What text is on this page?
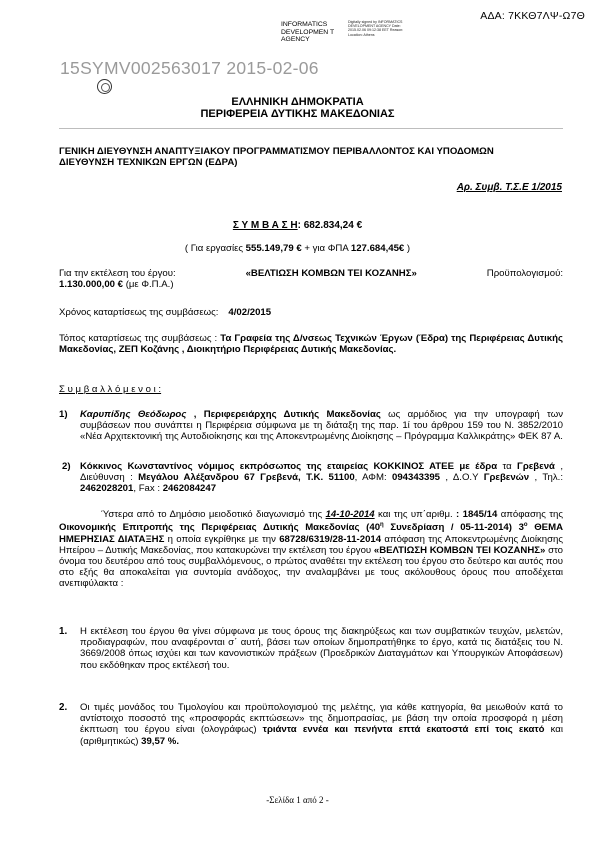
ΑΔΑ: 7ΚΚΘ7ΛΨ-Ω7Θ
INFORMATICS DEVELOPMEN T AGENCY
Digitally signed by INFORMATICS DEVELOPMENT AGENCY Date: 2015.02.06 09:12:38 EET Reason: Location: Athens
15SYMV002563017 2015-02-06
ΕΛΛΗΝΙΚΗ ΔΗΜΟΚΡΑΤΙΑ
ΠΕΡΙΦΕΡΕΙΑ ΔΥΤΙΚΗΣ ΜΑΚΕΔΟΝΙΑΣ
ΓΕΝΙΚΗ ΔΙΕΥΘΥΝΣΗ ΑΝΑΠΤΥΞΙΑΚΟΥ ΠΡΟΓΡΑΜΜΑΤΙΣΜΟΥ ΠΕΡΙΒΑΛΛΟΝΤΟΣ ΚΑΙ ΥΠΟΔΟΜΩΝ
ΔΙΕΥΘΥΝΣΗ ΤΕΧΝΙΚΩΝ ΕΡΓΩΝ (ΕΔΡΑ)
Αρ. Συμβ. Τ.Σ.Ε 1/2015
Σ Υ Μ Β Α Σ Η: 682.834,24 €
( Για εργασίες 555.149,79 € + για ΦΠΑ 127.684,45€ )
Για την εκτέλεση του έργου:	«ΒΕΛΤΙΩΣΗ ΚΟΜΒΩΝ ΤΕΙ ΚΟΖΑΝΗΣ»	Προϋπολογισμού:
1.130.000,00 € (με Φ.Π.Α.)
Χρόνος καταρτίσεως της συμβάσεως: 4/02/2015
Τόπος καταρτίσεως της συμβάσεως : Τα Γραφεία της Δ/νσεως Τεχνικών Έργων (Έδρα) της Περιφέρειας Δυτικής Μακεδονίας, ΖΕΠ Κοζάνης , Διοικητήριο Περιφέρειας Δυτικής Μακεδονίας.
Σ υ μ β α λ λ ό μ ε ν ο ι :
1) Καρυπίδης Θεόδωρος , Περιφερειάρχης Δυτικής Μακεδονίας ως αρμόδιος για την υπογραφή των συμβάσεων που συνάπτει η Περιφέρεια σύμφωνα με τη διάταξη της παρ. 1ί του άρθρου 159 του Ν. 3852/2010 «Νέα Αρχιτεκτονική της Αυτοδιοίκησης και της Αποκεντρωμένης Διοίκησης – Πρόγραμμα Καλλικράτης» ΦΕΚ 87 Α.
2) Κόκκινος Κωνσταντίνος νόμιμος εκπρόσωπος της εταιρείας ΚΟΚΚΙΝΟΣ ΑΤΕΕ με έδρα τα Γρεβενά , Διεύθυνση : Μεγάλου Αλέξανδρου 67 Γρεβενά, Τ.Κ. 51100, ΑΦΜ: 094343395 , Δ.Ο.Υ Γρεβενών , Τηλ.: 2462028201, Fax : 2462084247
Ύστερα από το Δημόσιο μειοδοτικό διαγωνισμό της 14-10-2014 και της υπ΄αριθμ. : 1845/14 απόφασης της Οικονομικής Επιτροπής της Περιφέρειας Δυτικής Μακεδονίας ($40^\eta$ Συνεδρίαση / 05-11-2014) $3^o$ ΘΕΜΑ ΗΜΕΡΗΣΙΑΣ ΔΙΑΤΑΞΗΣ η οποία εγκρίθηκε με την 68728/6319/28-11-2014 απόφαση της Αποκεντρωμένης Διοίκησης Ηπείρου – Δυτικής Μακεδονίας, που κατακυρώνει την εκτέλεση του έργου «ΒΕΛΤΙΩΣΗ ΚΟΜΒΩΝ ΤΕΙ ΚΟΖΑΝΗΣ» στο όνομα του δευτέρου από τους συμβαλλόμενους, ο πρώτος αναθέτει την εκτέλεση του έργου στο δεύτερο και αυτός που στο εξής θα αποκαλείται για συντομία ανάδοχος, την αναλαμβάνει με τους ακόλουθους όρους που αποδέχεται ανεπιφύλακτα :
1. Η εκτέλεση του έργου θα γίνει σύμφωνα με τους όρους της διακηρύξεως και των συμβατικών τευχών, μελετών, προδιαγραφών, που αναφέρονται σ΄ αυτή, βάσει των οποίων δημοπρατήθηκε το έργο, κατά τις διατάξεις του Ν. 3669/2008 όπως ισχύει και των κανονιστικών πράξεων (Προεδρικών Διαταγμάτων και Υπουργικών Αποφάσεων) που εκδόθηκαν προς εκτέλεσή του.
2. Οι τιμές μονάδος του Τιμολογίου και προϋπολογισμού της μελέτης, για κάθε κατηγορία, θα μειωθούν κατά το αντίστοιχο ποσοστό της «προσφοράς εκπτώσεων» της δημοπρασίας, με βάση την οποία προσφορά η μέση έκπτωση του έργου είναι (ολογράφως) τριάντα εννέα και πενήντα επτά εκατοστά επί τοις εκατό και (αριθμητικώς) 39,57 %.
-Σελίδα 1 από 2 -
